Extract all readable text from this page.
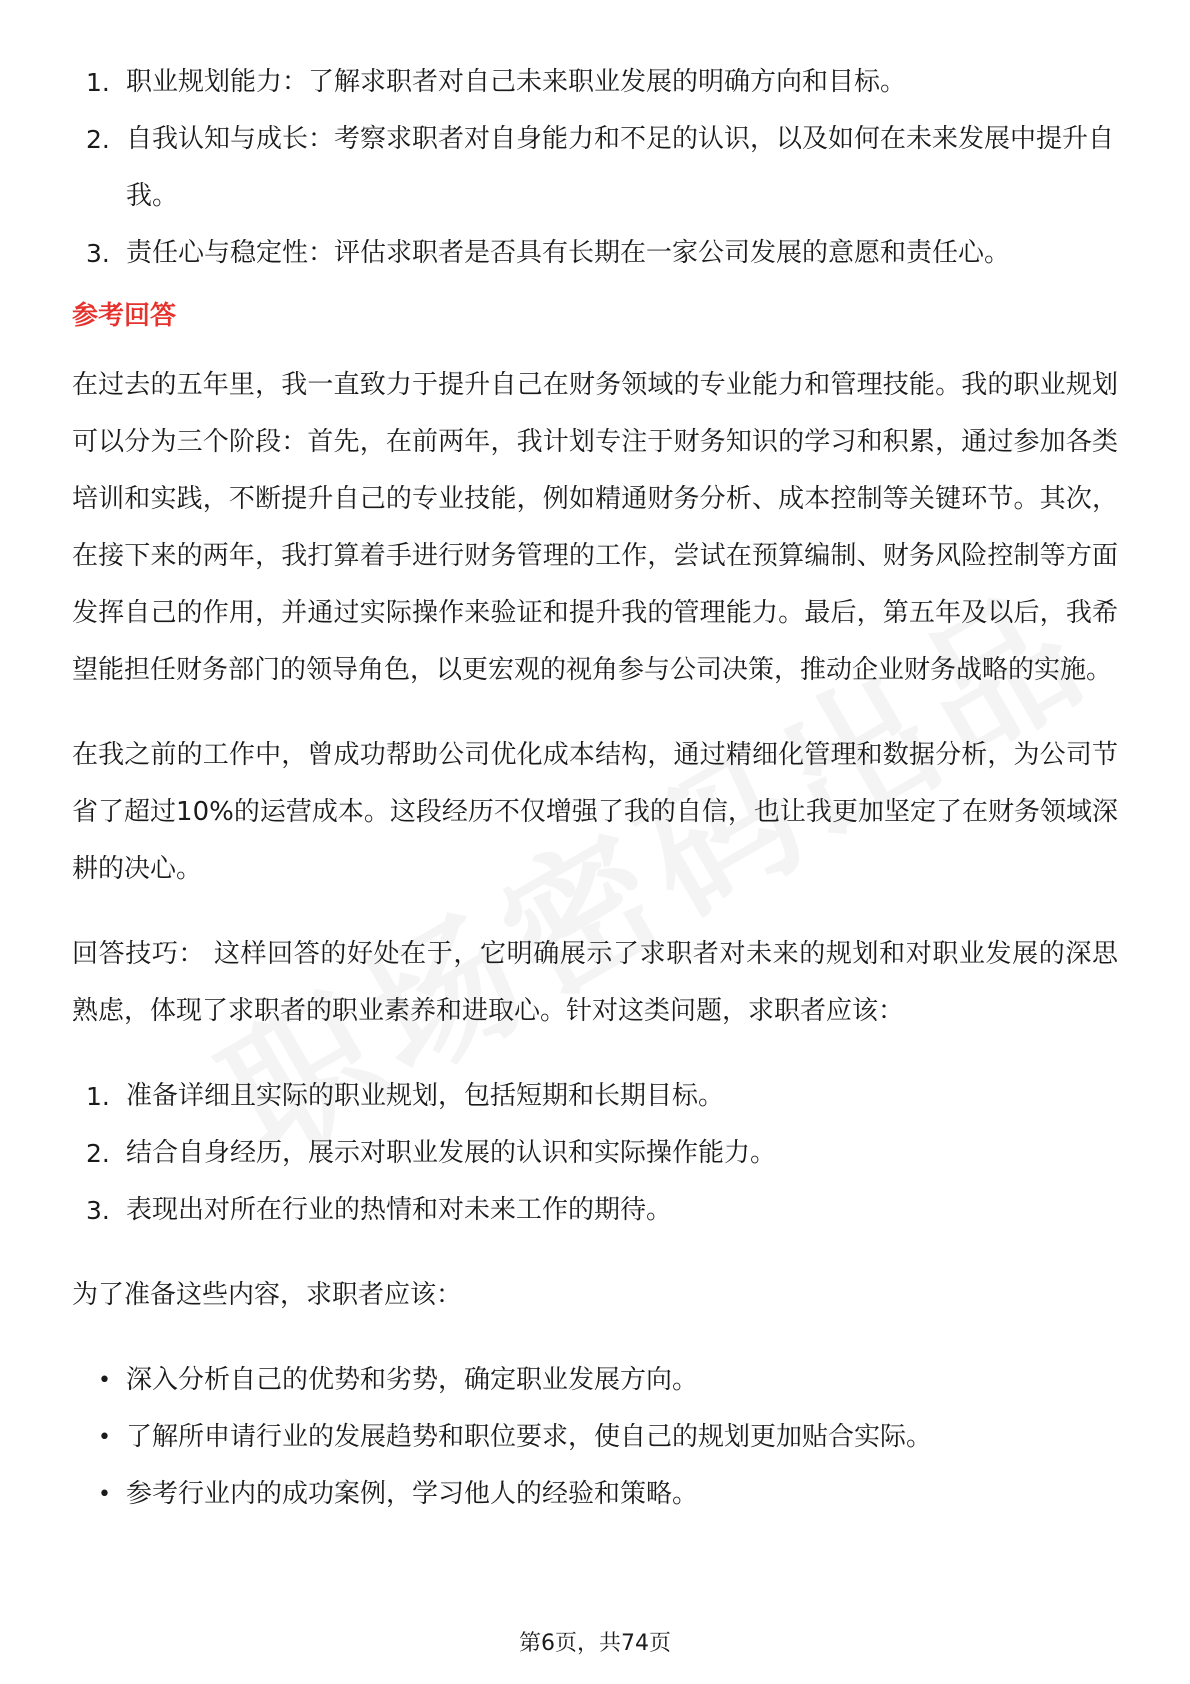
1. 职业规划能力：了解求职者对自己未来职业发展的明确方向和目标。
2. 自我认知与成长：考察求职者对自身能力和不足的认识，以及如何在未来发展中提升自我。
3. 责任心与稳定性：评估求职者是否具有长期在一家公司发展的意愿和责任心。
参考回答

在过去的五年里，我一直致力于提升自己在财务领域的专业能力和管理技能。我的职业规划可以分为三个阶段：首先，在前两年，我计划专注于财务知识的学习和积累，通过参加各类培训和实践，不断提升自己的专业技能，例如精通财务分析、成本控制等关键环节。其次，在接下来的两年，我打算着手进行财务管理的工作，尝试在预算编制、财务风险控制等方面发挥自己的作用，并通过实际操作来验证和提升我的管理能力。最后，第五年及以后，我希望能担任财务部门的领导角色，以更宏观的视角参与公司决策，推动企业财务战略的实施。

在我之前的工作中，曾成功帮助公司优化成本结构，通过精细化管理和数据分析，为公司节省了超过10%的运营成本。这段经历不仅增强了我的自信，也让我更加坚定了在财务领域深耕的决心。

回答技巧： 这样回答的好处在于，它明确展示了求职者对未来的规划和对职业发展的深思熟虑，体现了求职者的职业素养和进取心。针对这类问题，求职者应该：

1. 准备详细且实际的职业规划，包括短期和长期目标。
2. 结合自身经历，展示对职业发展的认识和实际操作能力。
3. 表现出对所在行业的热情和对未来工作的期待。

为了准备这些内容，求职者应该：

• 深入分析自己的优势和劣势，确定职业发展方向。
• 了解所申请行业的发展趋势和职位要求，使自己的规划更加贴合实际。
• 参考行业内的成功案例，学习他人的经验和策略。
第6页，共74页
